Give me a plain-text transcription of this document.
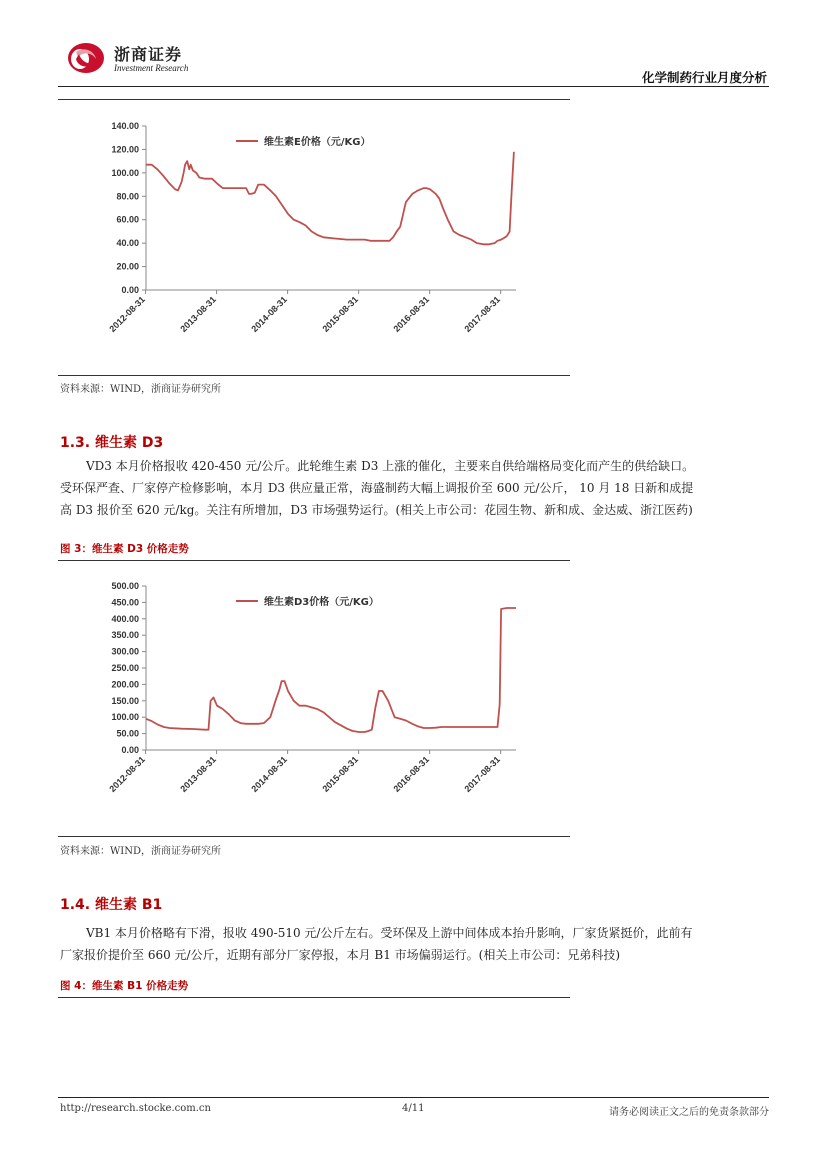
浙商证券
Investment Research
化学制药行业月度分析
0.00
20.00
40.00
60.00
80.00
100.00
120.00
140.00
2012-08-31	2013-08-31	2014-08-31	2015-08-31	2016-08-31	2017-08-31
维生素E价格（元/KG）
资料来源：WIND，浙商证券研究所
1.3. 维生素 D3
VD3 本月价格报收 420-450 元/公斤。此轮维生素 D3 上涨的催化，主要来自供给端格局变化而产生的供给缺口。
受环保严查、厂家停产检修影响，本月 D3 供应量正常，海盛制药大幅上调报价至 600 元/公斤， 10 月 18 日新和成提
高 D3 报价至 620 元/kg。关注有所增加，D3 市场强势运行。(相关上市公司：花园生物、新和成、金达威、浙江医药)
图 3：维生素 D3 价格走势
0.00
50.00
100.00
150.00
200.00
250.00
300.00
350.00
400.00
450.00
500.00
2012-08-31	2013-08-31	2014-08-31	2015-08-31	2016-08-31	2017-08-31
维生素D3价格（元/KG）
资料来源：WIND，浙商证券研究所
1.4. 维生素 B1
VB1 本月价格略有下滑，报收 490-510 元/公斤左右。受环保及上游中间体成本抬升影响，厂家货紧挺价，此前有
厂家报价提价至 660 元/公斤，近期有部分厂家停报，本月 B1 市场偏弱运行。(相关上市公司：兄弟科技)
图 4：维生素 B1 价格走势
http://research.stocke.com.cn	4/11	请务必阅读正文之后的免责条款部分
